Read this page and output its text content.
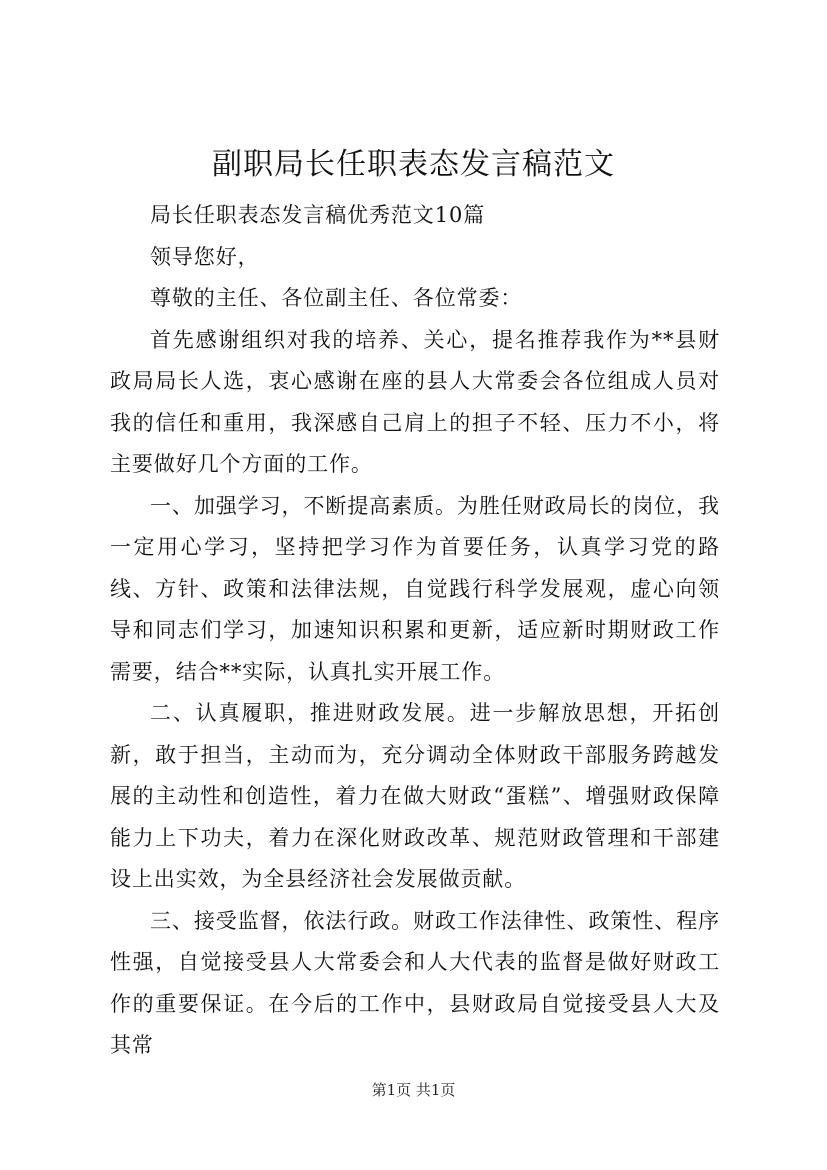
副职局长任职表态发言稿范文

局长任职表态发言稿优秀范文10篇

领导您好，

尊敬的主任、各位副主任、各位常委：

首先感谢组织对我的培养、关心，提名推荐我作为**县财政局局长人选，衷心感谢在座的县人大常委会各位组成人员对我的信任和重用，我深感自己肩上的担子不轻、压力不小，将主要做好几个方面的工作。

一、加强学习，不断提高素质。为胜任财政局长的岗位，我一定用心学习，坚持把学习作为首要任务，认真学习党的路线、方针、政策和法律法规，自觉践行科学发展观，虚心向领导和同志们学习，加速知识积累和更新，适应新时期财政工作需要，结合**实际，认真扎实开展工作。

二、认真履职，推进财政发展。进一步解放思想，开拓创新，敢于担当，主动而为，充分调动全体财政干部服务跨越发展的主动性和创造性，着力在做大财政“蛋糕”、增强财政保障能力上下功夫，着力在深化财政改革、规范财政管理和干部建设上出实效，为全县经济社会发展做贡献。

三、接受监督，依法行政。财政工作法律性、政策性、程序性强，自觉接受县人大常委会和人大代表的监督是做好财政工作的重要保证。在今后的工作中，县财政局自觉接受县人大及其常

第1页 共1页
